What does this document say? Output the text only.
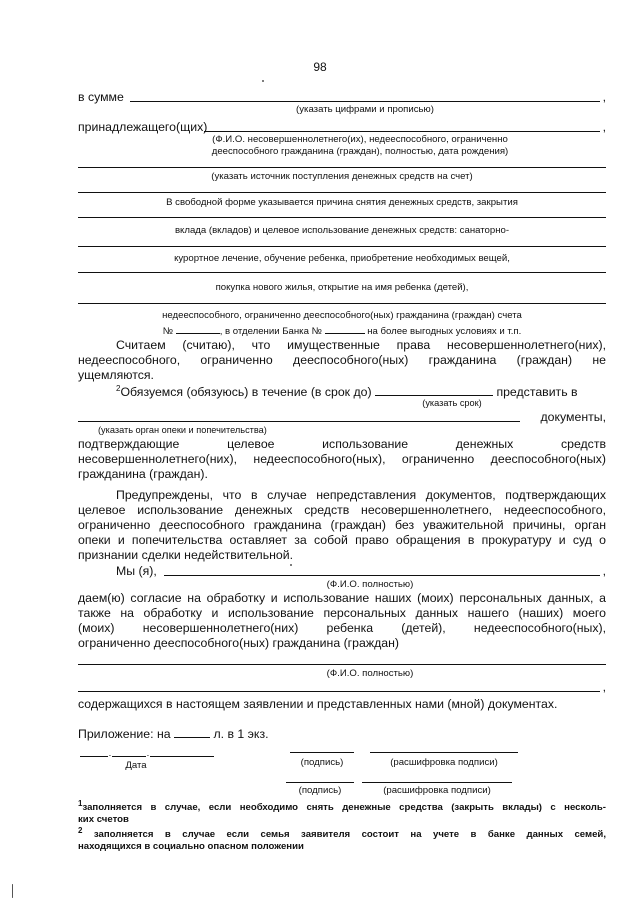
98
в сумме	,
(указать цифрами и прописью)
принадлежащего(щих)	,
(Ф.И.О. несовершеннолетнего(их), недееспособного, ограниченно
дееспособного гражданина (граждан), полностью, дата рождения)
(указать источник поступления денежных средств на счет)
В свободной форме указывается причина снятия денежных средств, закрытия
вклада (вкладов) и целевое использование денежных средств: санаторно-
курортное лечение, обучение ребенка, приобретение необходимых вещей,
покупка нового жилья, открытие на имя ребенка (детей),
недееспособного, ограниченно дееспособного(ных) гражданина (граждан) счета
№	, в отделении Банка №	на более выгодных условиях и т.п.
Считаем (считаю), что имущественные права несовершеннолетнего(них),
недееспособного, ограниченно дееспособного(ных) гражданина (граждан) не
ущемляются.
$^2$Обязуемся (обязуюсь) в течение (в срок до)	представить в
(указать срок)
документы,
(указать орган опеки и попечительства)
подтверждающие целевое использование денежных средств
несовершеннолетнего(них), недееспособного(ных), ограниченно дееспособного(ных)
гражданина (граждан).
Предупреждены, что в случае непредставления документов, подтверждающих
целевое использование денежных средств несовершеннолетнего, недееспособного,
ограниченно дееспособного гражданина (граждан) без уважительной причины, орган
опеки и попечительства оставляет за собой право обращения в прокуратуру и суд о
признании сделки недействительной.
Мы (я),	,
(Ф.И.О. полностью)
даем(ю) согласие на обработку и использование наших (моих) персональных данных, а
также на обработку и использование персональных данных нашего (наших) моего
(моих) несовершеннолетнего(них) ребенка (детей), недееспособного(ных),
ограниченно дееспособного(ных) гражданина (граждан)
(Ф.И.О. полностью)
,
содержащихся в настоящем заявлении и представленных нами (мной) документах.
Приложение: на	л. в 1 экз.
.	.
Дата	(подпись)	(расшифровка подписи)
(подпись)	(расшифровка подписи)
$^1$заполняется в случае, если необходимо снять денежные средства (закрыть вклады) с несколь-
ких счетов
$^2$ заполняется в случае если семья заявителя состоит на учете в банке данных семей,
находящихся в социально опасном положении
